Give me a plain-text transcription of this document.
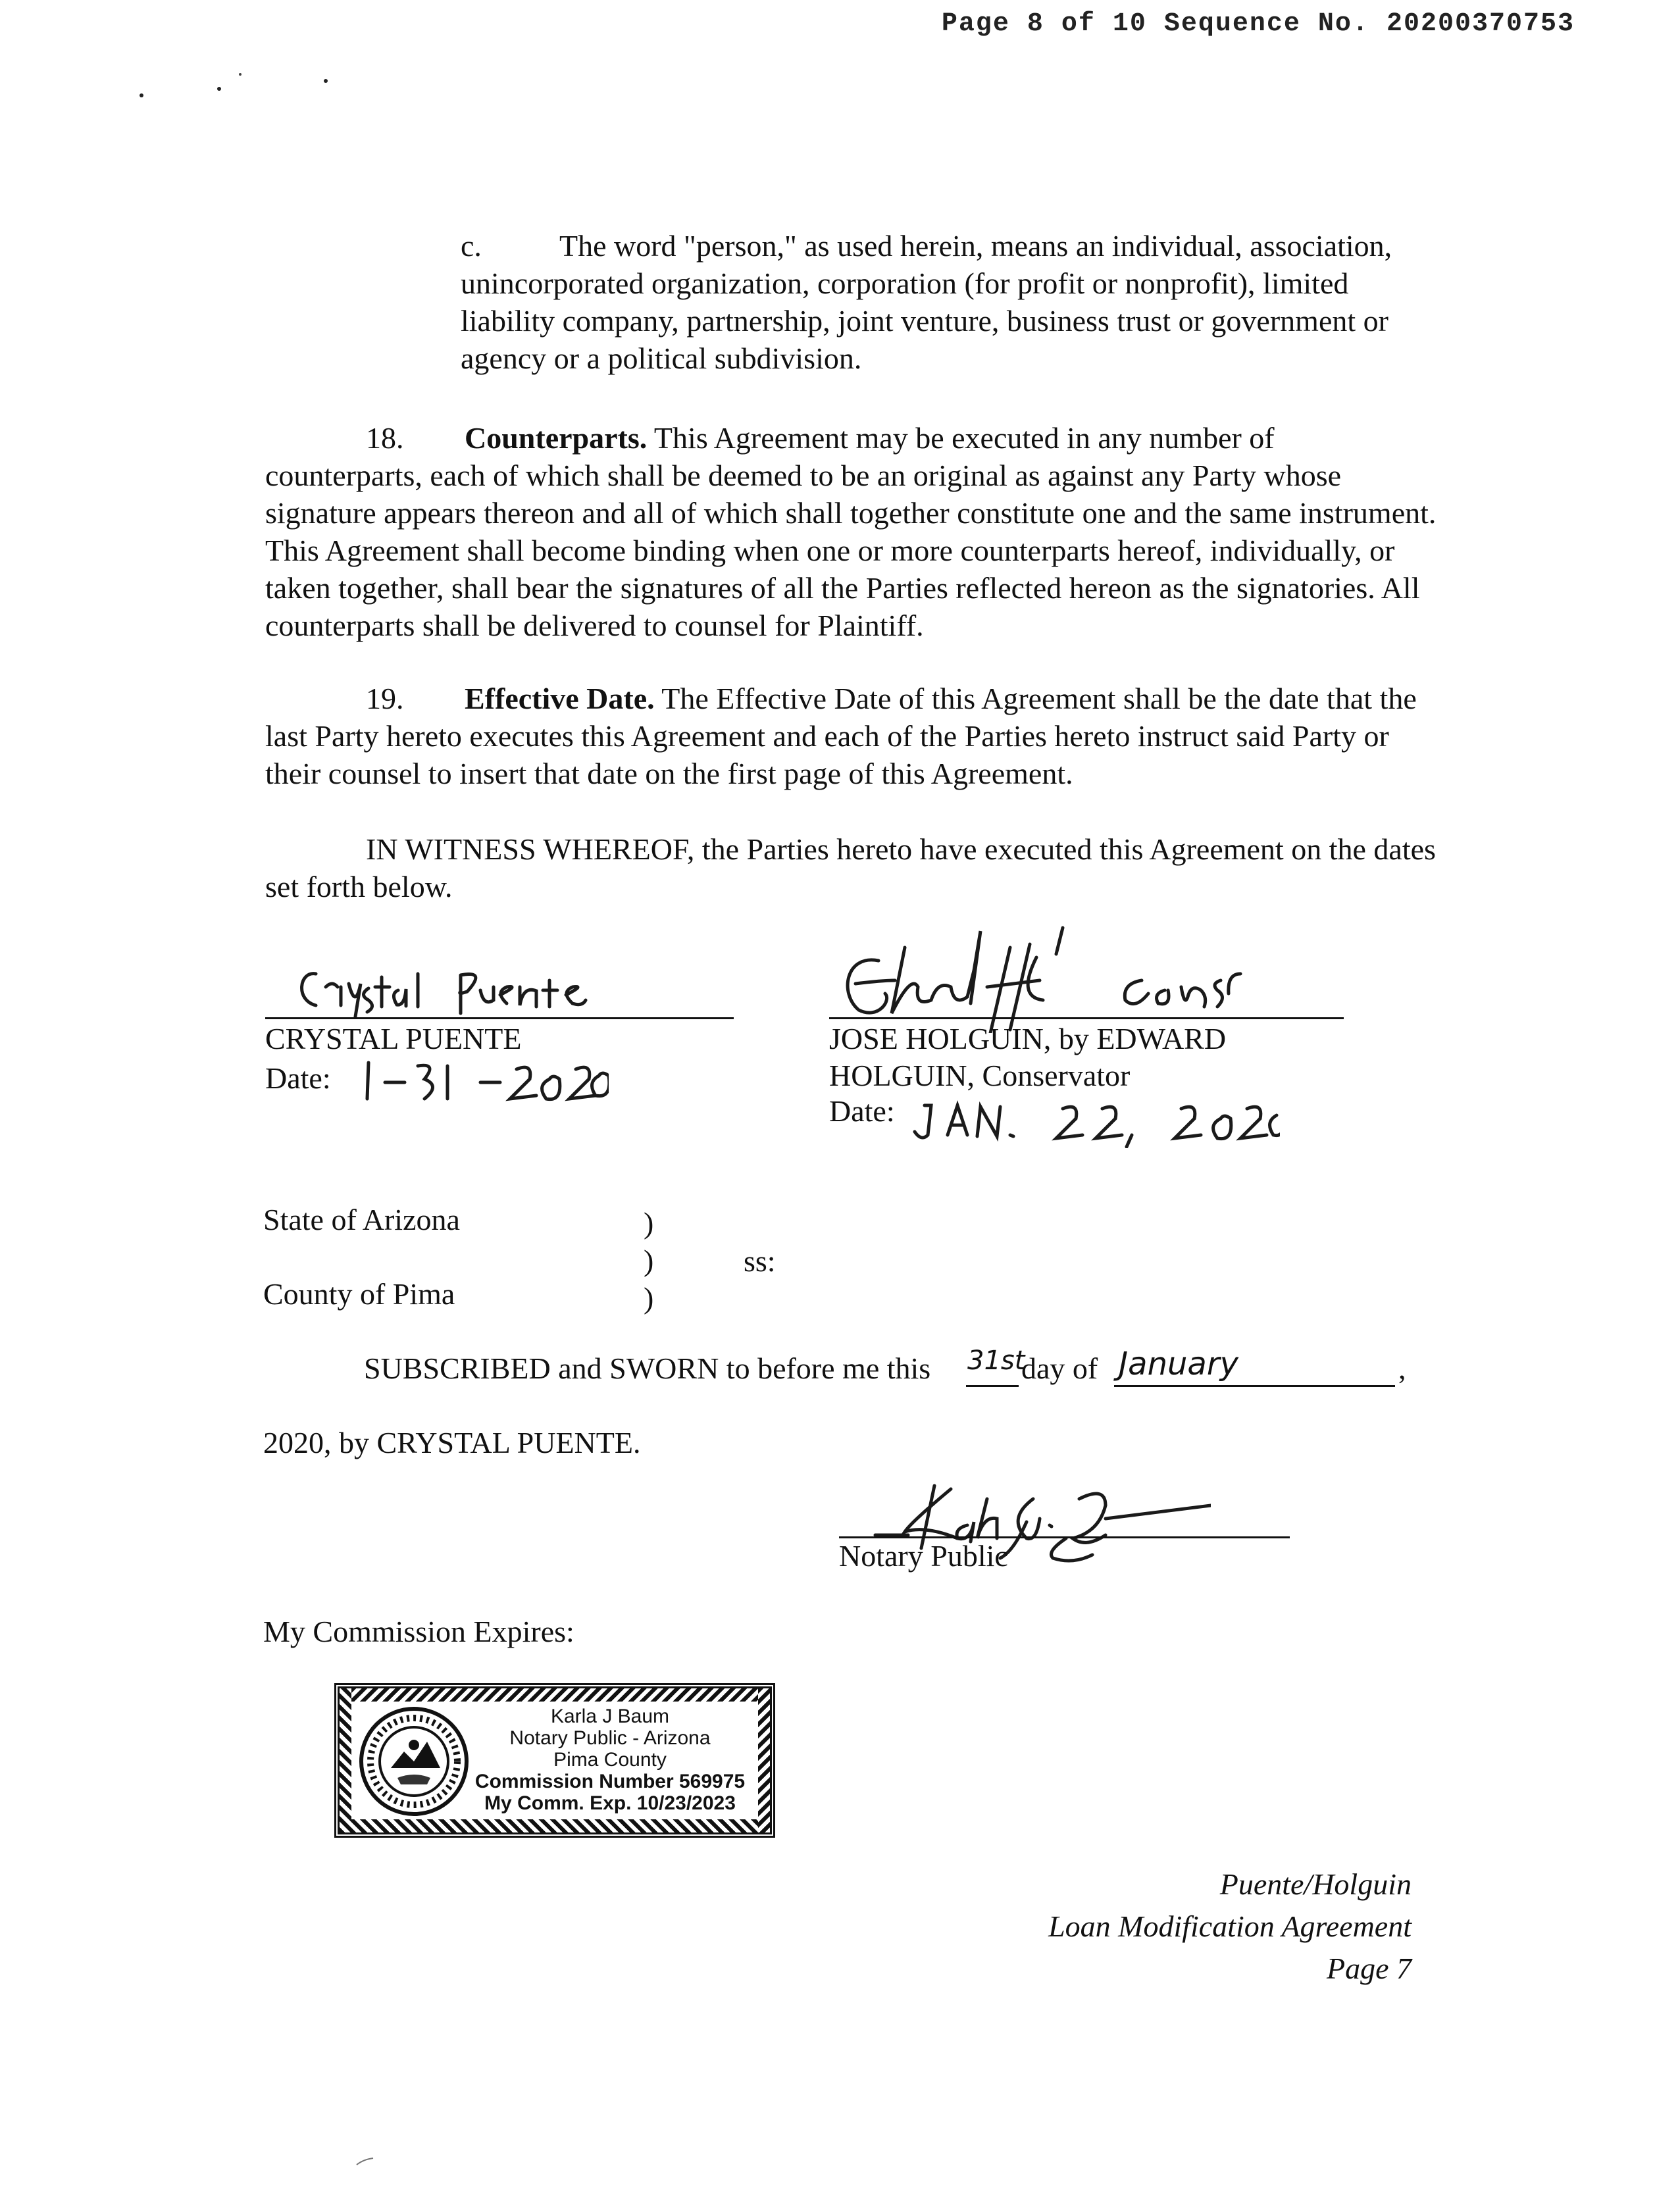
Page 8 of 10 Sequence No. 20200370753
c.	The word "person," as used herein, means an individual, association, unincorporated organization, corporation (for profit or nonprofit), limited liability company, partnership, joint venture, business trust or government or agency or a political subdivision.
18. Counterparts. This Agreement may be executed in any number of counterparts, each of which shall be deemed to be an original as against any Party whose signature appears thereon and all of which shall together constitute one and the same instrument. This Agreement shall become binding when one or more counterparts hereof, individually, or taken together, shall bear the signatures of all the Parties reflected hereon as the signatories. All counterparts shall be delivered to counsel for Plaintiff.
19. Effective Date. The Effective Date of this Agreement shall be the date that the last Party hereto executes this Agreement and each of the Parties hereto instruct said Party or their counsel to insert that date on the first page of this Agreement.
IN WITNESS WHEREOF, the Parties hereto have executed this Agreement on the dates set forth below.
CRYSTAL PUENTE
Date:
JOSE HOLGUIN, by EDWARD
HOLGUIN, Conservator
Date:
State of Arizona
County of Pima
)
)
)
ss:
SUBSCRIBED and SWORN to before me this 31st
day of January	,
2020, by CRYSTAL PUENTE.
Notary Public
My Commission Expires:
Karla J Baum
Notary Public - Arizona
Pima County
Commission Number 569975
My Comm. Exp. 10/23/2023
Puente/Holguin
Loan Modification Agreement
Page 7
